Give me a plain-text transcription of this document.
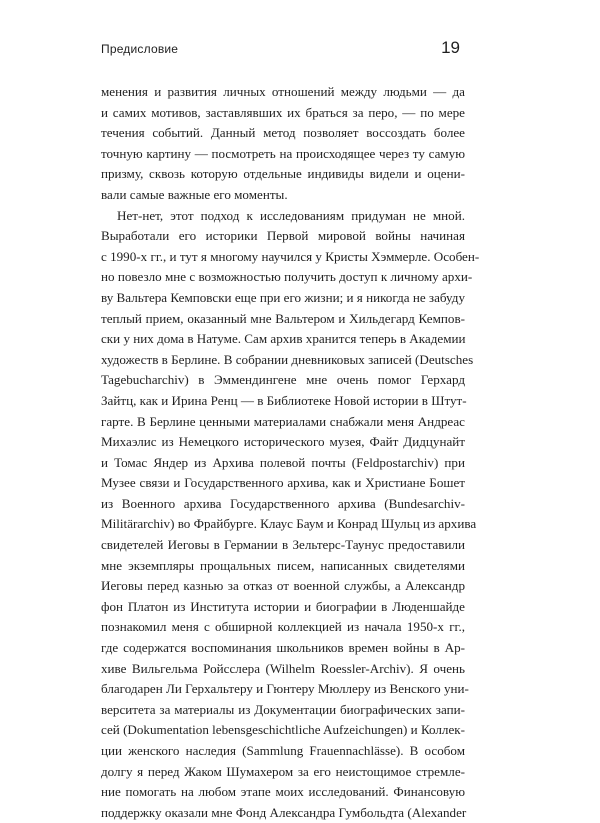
Предисловие	19
менения и развития личных отношений между людьми — да
и самих мотивов, заставлявших их браться за перо, — по мере
течения событий. Данный метод позволяет воссоздать более
точную картину — посмотреть на происходящее через ту самую
призму, сквозь которую отдельные индивиды видели и оцени-
вали самые важные его моменты.
Нет-нет, этот подход к исследованиям придуман не мной.
Выработали его историки Первой мировой войны начиная
с 1990-х гг., и тут я многому научился у Кристы Хэммерле. Особен-
но повезло мне с возможностью получить доступ к личному архи-
ву Вальтера Кемповски еще при его жизни; и я никогда не забуду
теплый прием, оказанный мне Вальтером и Хильдегард Кемпов-
ски у них дома в Натуме. Сам архив хранится теперь в Академии
художеств в Берлине. В собрании дневниковых записей (Deutsches
Tagebucharchiv) в Эммендингене мне очень помог Герхард
Зайтц, как и Ирина Ренц — в Библиотеке Новой истории в Штут-
гарте. В Берлине ценными материалами снабжали меня Андреас
Михаэлис из Немецкого исторического музея, Файт Дидцунайт
и Томас Яндер из Архива полевой почты (Feldpostarchiv) при
Музее связи и Государственного архива, как и Христиане Бошет
из Военного архива Государственного архива (Bundesarchiv-
Militärarchiv) во Фрайбурге. Клаус Баум и Конрад Шульц из архива
свидетелей Иеговы в Германии в Зельтерс-Таунус предоставили
мне экземпляры прощальных писем, написанных свидетелями
Иеговы перед казнью за отказ от военной службы, а Александр
фон Платон из Института истории и биографии в Люденшайде
познакомил меня с обширной коллекцией из начала 1950-х гг.,
где содержатся воспоминания школьников времен войны в Ар-
хиве Вильгельма Ройсслера (Wilhelm Roessler-Archiv). Я очень
благодарен Ли Герхальтеру и Гюнтеру Мюллеру из Венского уни-
верситета за материалы из Документации биографических запи-
сей (Dokumentation lebensgeschichtliche Aufzeichungen) и Коллек-
ции женского наследия (Sammlung Frauennachlässe). В особом
долгу я перед Жаком Шумахером за его неистощимое стремле-
ние помогать на любом этапе моих исследований. Финансовую
поддержку оказали мне Фонд Александра Гумбольдта (Alexander
